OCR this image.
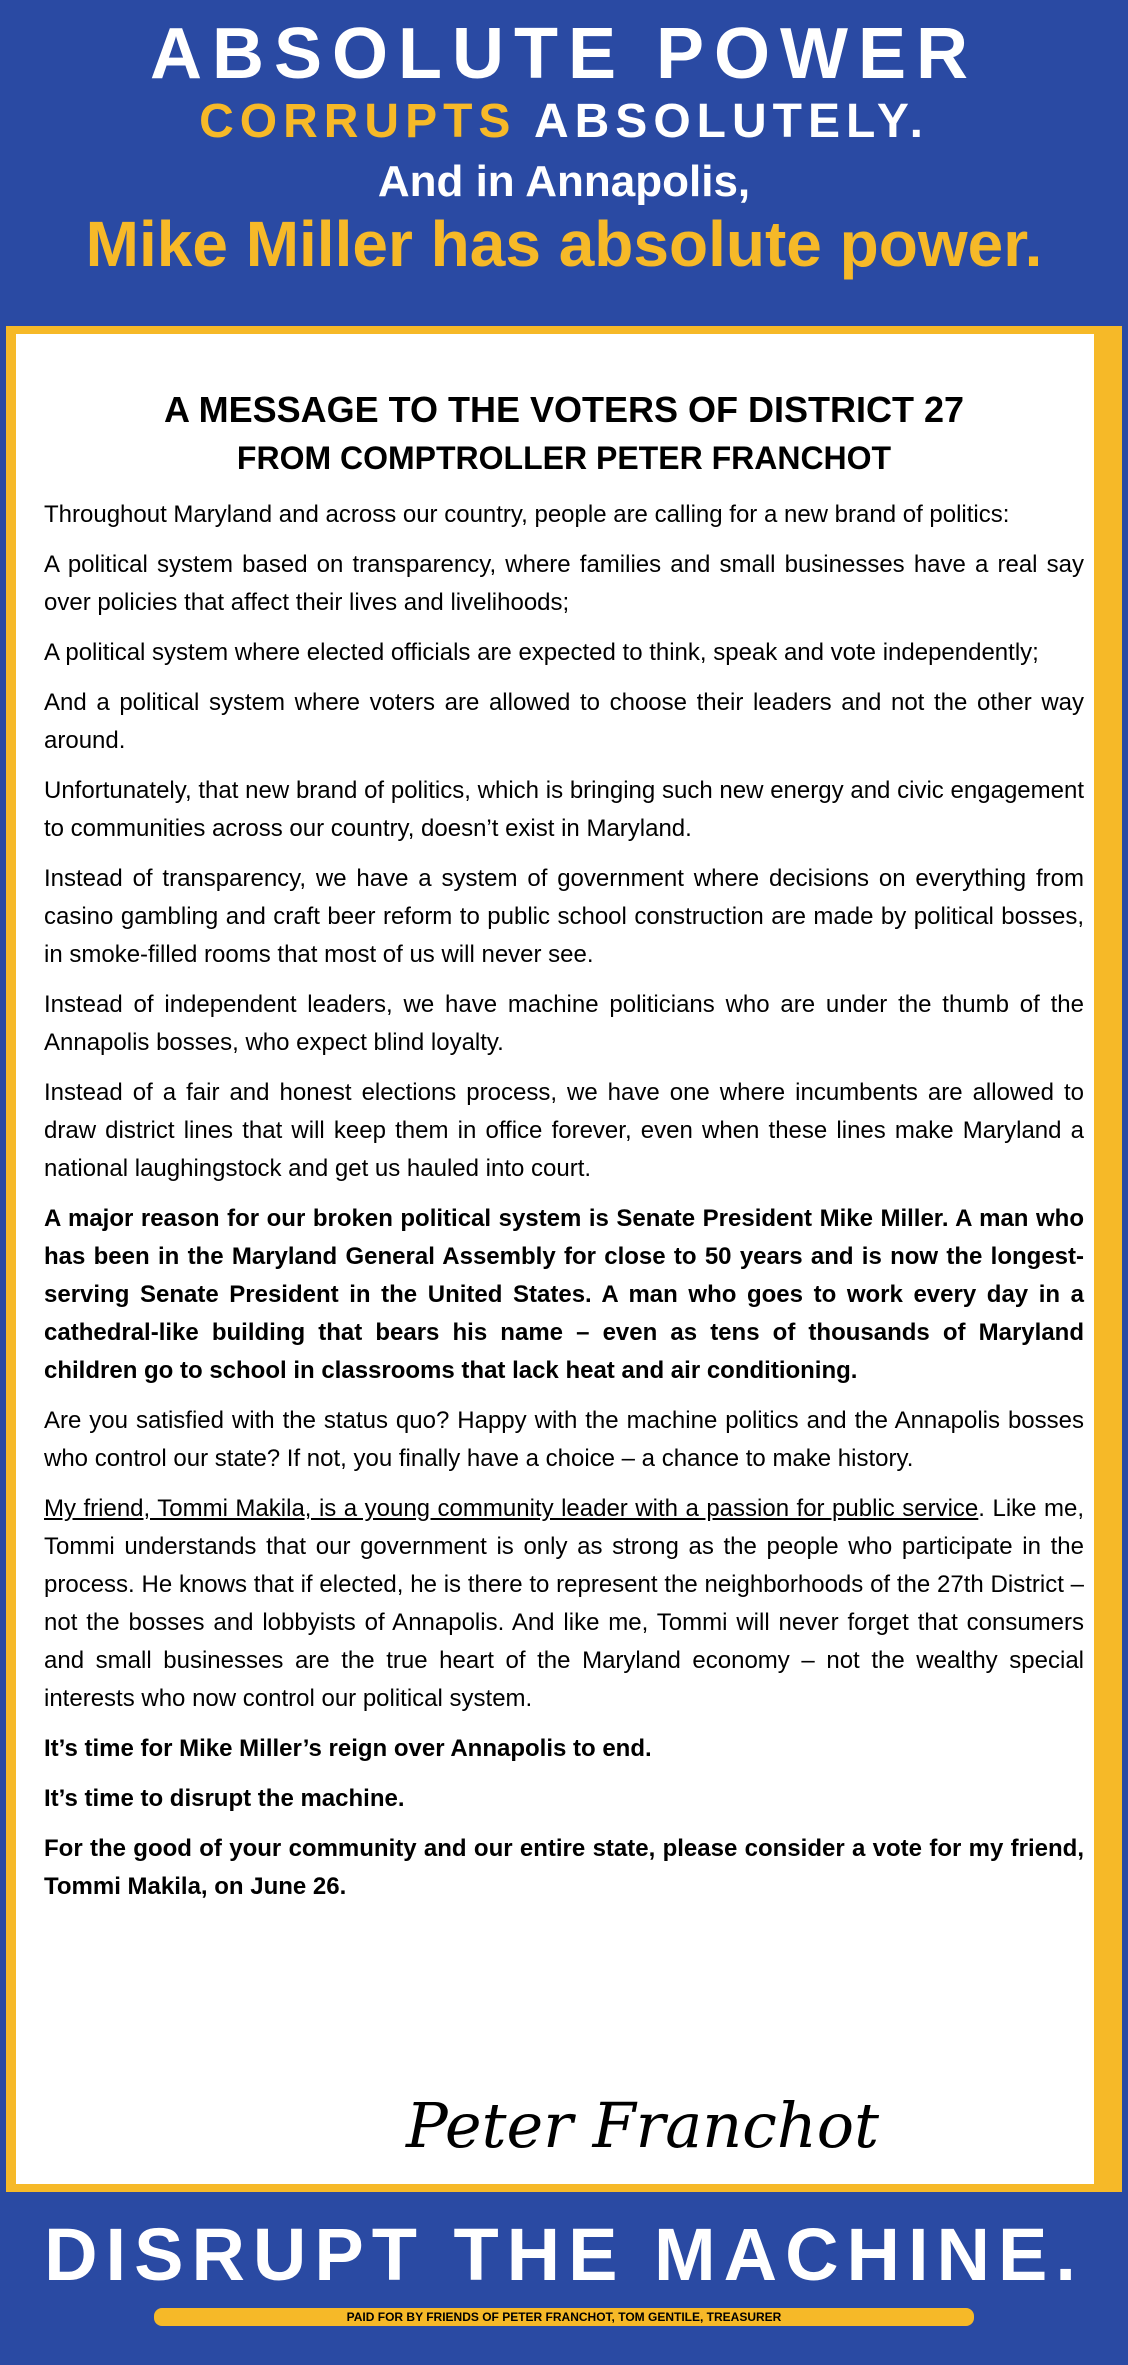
ABSOLUTE POWER
CORRUPTS ABSOLUTELY.
And in Annapolis,
Mike Miller has absolute power.
A MESSAGE TO THE VOTERS OF DISTRICT 27
FROM COMPTROLLER PETER FRANCHOT

Throughout Maryland and across our country, people are calling for a new brand of politics:

A political system based on transparency, where families and small businesses have a real say over policies that affect their lives and livelihoods;

A political system where elected officials are expected to think, speak and vote independently;

And a political system where voters are allowed to choose their leaders and not the other way around.

Unfortunately, that new brand of politics, which is bringing such new energy and civic engagement to communities across our country, doesn’t exist in Maryland.

Instead of transparency, we have a system of government where decisions on everything from casino gambling and craft beer reform to public school construction are made by political bosses, in smoke-filled rooms that most of us will never see.

Instead of independent leaders, we have machine politicians who are under the thumb of the Annapolis bosses, who expect blind loyalty.

Instead of a fair and honest elections process, we have one where incumbents are allowed to draw district lines that will keep them in office forever, even when these lines make Maryland a national laughingstock and get us hauled into court.

A major reason for our broken political system is Senate President Mike Miller. A man who has been in the Maryland General Assembly for close to 50 years and is now the longest-serving Senate President in the United States. A man who goes to work every day in a cathedral-like building that bears his name – even as tens of thousands of Maryland children go to school in classrooms that lack heat and air conditioning.

Are you satisfied with the status quo? Happy with the machine politics and the Annapolis bosses who control our state? If not, you finally have a choice – a chance to make history.

My friend, Tommi Makila, is a young community leader with a passion for public service. Like me, Tommi understands that our government is only as strong as the people who participate in the process. He knows that if elected, he is there to represent the neighborhoods of the 27th District – not the bosses and lobbyists of Annapolis. And like me, Tommi will never forget that consumers and small businesses are the true heart of the Maryland economy – not the wealthy special interests who now control our political system.

It’s time for Mike Miller’s reign over Annapolis to end.

It’s time to disrupt the machine.

For the good of your community and our entire state, please consider a vote for my friend, Tommi Makila, on June 26.

Peter Franchot
DISRUPT THE MACHINE.
PAID FOR BY FRIENDS OF PETER FRANCHOT, TOM GENTILE, TREASURER
